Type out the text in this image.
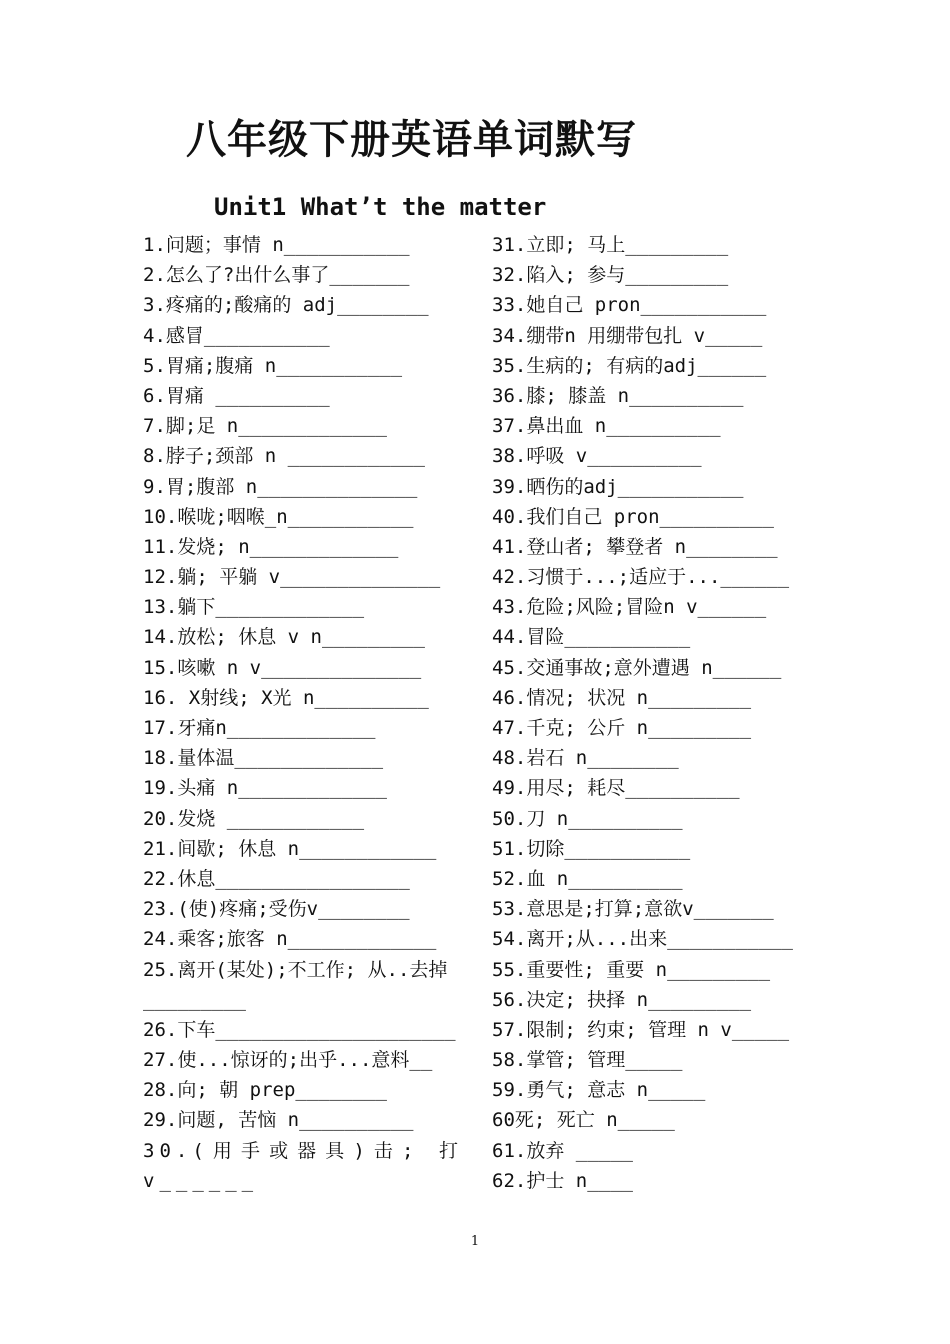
八年级下册英语单词默写
Unit1 What’t the matter
1.问题；事情 n___________
2.怎么了?出什么事了_______
3.疼痛的;酸痛的 adj________
4.感冒___________
5.胃痛;腹痛 n___________
6.胃痛 __________
7.脚;足 n_____________
8.脖子;颈部 n ____________
9.胃;腹部 n______________
10.喉咙;咽喉_n___________
11.发烧; n_____________
12.躺; 平躺 v______________
13.躺下_____________
14.放松; 休息 v n_________
15.咳嗽 n v______________
16. X射线; X光 n__________
17.牙痛n_____________
18.量体温_____________
19.头痛 n_____________
20.发烧 ____________
21.间歇; 休息 n____________
22.休息_________________
23.(使)疼痛;受伤v________
24.乘客;旅客 n_____________
25.离开(某处);不工作; 从..去掉_________
26.下车_____________________
27.使...惊讶的;出乎...意料__
28.向; 朝 prep________
29.问题, 苦恼 n__________
30.(用手或器具)击; 打v______
31.立即; 马上_________
32.陷入; 参与_________
33.她自己 pron___________
34.绷带n 用绷带包扎 v_____
35.生病的; 有病的adj______
36.膝; 膝盖 n__________
37.鼻出血 n__________
38.呼吸 v__________
39.晒伤的adj___________
40.我们自己 pron__________
41.登山者; 攀登者 n________
42.习惯于...;适应于...______
43.危险;风险;冒险n v______
44.冒险___________
45.交通事故;意外遭遇 n______
46.情况; 状况 n_________
47.千克; 公斤 n_________
48.岩石 n________
49.用尽; 耗尽__________
50.刀 n__________
51.切除___________
52.血 n__________
53.意思是;打算;意欲v_______
54.离开;从...出来___________
55.重要性; 重要 n_________
56.决定; 抉择 n_________
57.限制; 约束; 管理 n v_____
58.掌管; 管理_____
59.勇气; 意志 n_____
60死; 死亡 n_____
61.放弃 _____
62.护士 n____
1
